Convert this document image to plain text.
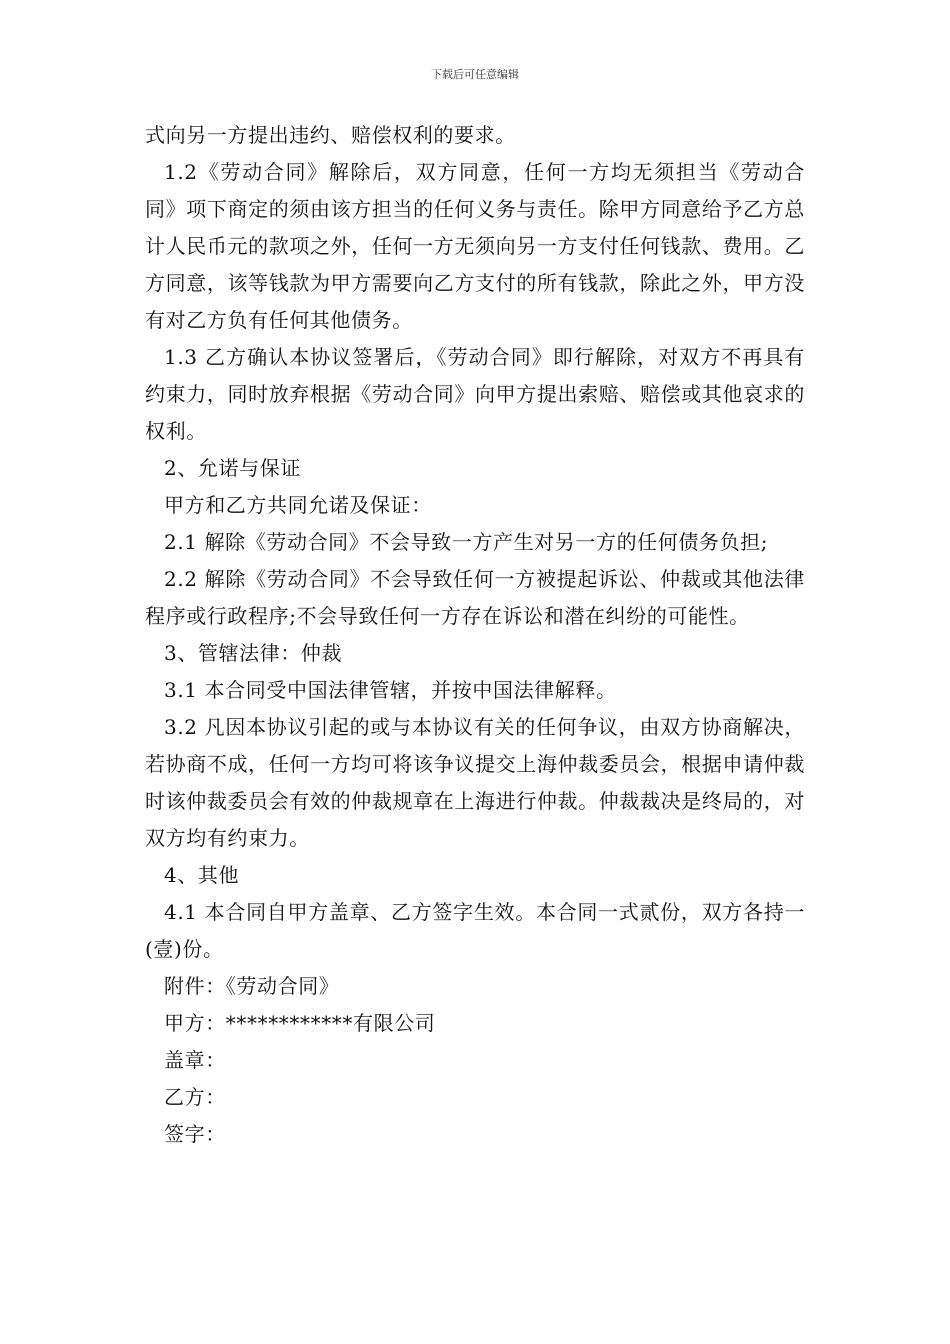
下载后可任意编辑

式向另一方提出违约、赔偿权利的要求。

1.2《劳动合同》解除后，双方同意，任何一方均无须担当《劳动合同》项下商定的须由该方担当的任何义务与责任。除甲方同意给予乙方总计人民币元的款项之外，任何一方无须向另一方支付任何钱款、费用。乙方同意，该等钱款为甲方需要向乙方支付的所有钱款，除此之外，甲方没有对乙方负有任何其他债务。

1.3 乙方确认本协议签署后，《劳动合同》即行解除，对双方不再具有约束力，同时放弃根据《劳动合同》向甲方提出索赔、赔偿或其他哀求的权利。

2、允诺与保证

甲方和乙方共同允诺及保证：

2.1 解除《劳动合同》不会导致一方产生对另一方的任何债务负担;

2.2 解除《劳动合同》不会导致任何一方被提起诉讼、仲裁或其他法律程序或行政程序;不会导致任何一方存在诉讼和潜在纠纷的可能性。

3、管辖法律：仲裁

3.1 本合同受中国法律管辖，并按中国法律解释。

3.2 凡因本协议引起的或与本协议有关的任何争议，由双方协商解决，若协商不成，任何一方均可将该争议提交上海仲裁委员会，根据申请仲裁时该仲裁委员会有效的仲裁规章在上海进行仲裁。仲裁裁决是终局的，对双方均有约束力。

4、其他

4.1 本合同自甲方盖章、乙方签字生效。本合同一式贰份，双方各持一(壹)份。

附件：《劳动合同》

甲方：************有限公司

盖章：

乙方：

签字：
